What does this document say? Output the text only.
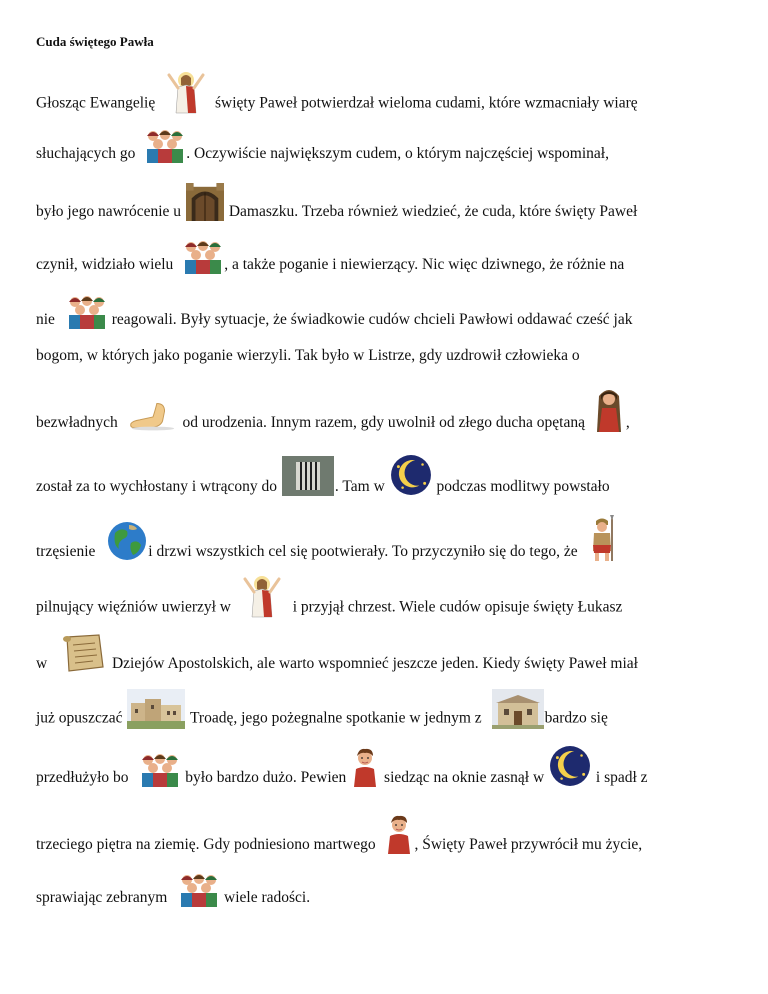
Cuda świętego Pawła
Głosząc Ewangelię	święty Paweł potwierdzał wieloma cudami, które wzmacniały wiarę
słuchających go	. Oczywiście największym cudem, o którym najczęściej wspominał,
było jego nawrócenie u	Damaszku. Trzeba również wiedzieć, że cuda, które święty Paweł
czynił, widziało wielu	, a także poganie i niewierzący. Nic więc dziwnego, że różnie na
nie	reagowali. Były sytuacje, że świadkowie cudów chcieli Pawłowi oddawać cześć jak
bogom, w których jako poganie wierzyli. Tak było w Listrze, gdy uzdrowił człowieka o
bezwładnych	od urodzenia. Innym razem, gdy uwolnił od złego ducha opętaną	,
został za to wychłostany i wtrącony do	. Tam w	podczas modlitwy powstało
trzęsienie	i drzwi wszystkich cel się pootwierały. To przyczyniło się do tego, że
pilnujący więźniów uwierzył w	i przyjął chrzest. Wiele cudów opisuje święty Łukasz
w	Dziejów Apostolskich, ale warto wspomnieć jeszcze jeden. Kiedy święty Paweł miał
już opuszczać	Troadę, jego pożegnalne spotkanie w jednym z	bardzo się
przedłużyło bo	było bardzo dużo. Pewien siedząc na oknie zasnął w	i spadł z
trzeciego piętra na ziemię. Gdy podniesiono martwego	, Święty Paweł przywrócił mu życie,
sprawiając zebranym	wiele radości.
